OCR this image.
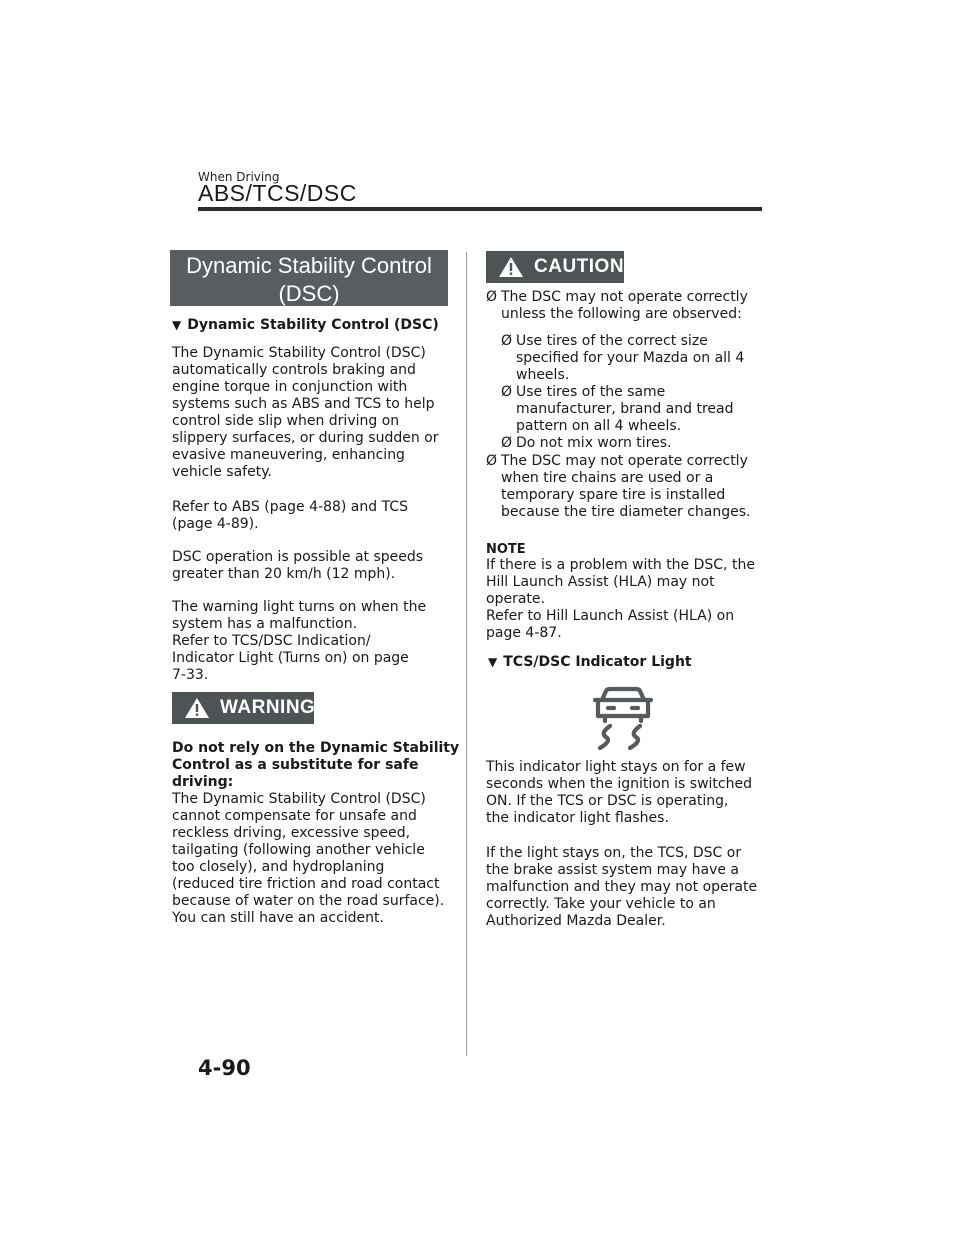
When Driving
ABS/TCS/DSC
Dynamic Stability Control
(DSC)
▼ Dynamic Stability Control (DSC)
The Dynamic Stability Control (DSC)
automatically controls braking and
engine torque in conjunction with
systems such as ABS and TCS to help
control side slip when driving on
slippery surfaces, or during sudden or
evasive maneuvering, enhancing
vehicle safety.
Refer to ABS (page 4-88) and TCS
(page 4-89).
DSC operation is possible at speeds
greater than 20 km/h (12 mph).
The warning light turns on when the
system has a malfunction.
Refer to TCS/DSC Indication/
Indicator Light (Turns on) on page
7-33.
WARNING
Do not rely on the Dynamic Stability
Control as a substitute for safe
driving:
The Dynamic Stability Control (DSC)
cannot compensate for unsafe and
reckless driving, excessive speed,
tailgating (following another vehicle
too closely), and hydroplaning
(reduced tire friction and road contact
because of water on the road surface).
You can still have an accident.
CAUTION
Ø The DSC may not operate correctly
unless the following are observed:
Ø Use tires of the correct size
specified for your Mazda on all 4
wheels.
Ø Use tires of the same
manufacturer, brand and tread
pattern on all 4 wheels.
Ø Do not mix worn tires.
Ø The DSC may not operate correctly
when tire chains are used or a
temporary spare tire is installed
because the tire diameter changes.
NOTE
If there is a problem with the DSC, the
Hill Launch Assist (HLA) may not
operate.
Refer to Hill Launch Assist (HLA) on
page 4-87.
▼ TCS/DSC Indicator Light
This indicator light stays on for a few
seconds when the ignition is switched
ON. If the TCS or DSC is operating,
the indicator light flashes.
If the light stays on, the TCS, DSC or
the brake assist system may have a
malfunction and they may not operate
correctly. Take your vehicle to an
Authorized Mazda Dealer.
4-90
